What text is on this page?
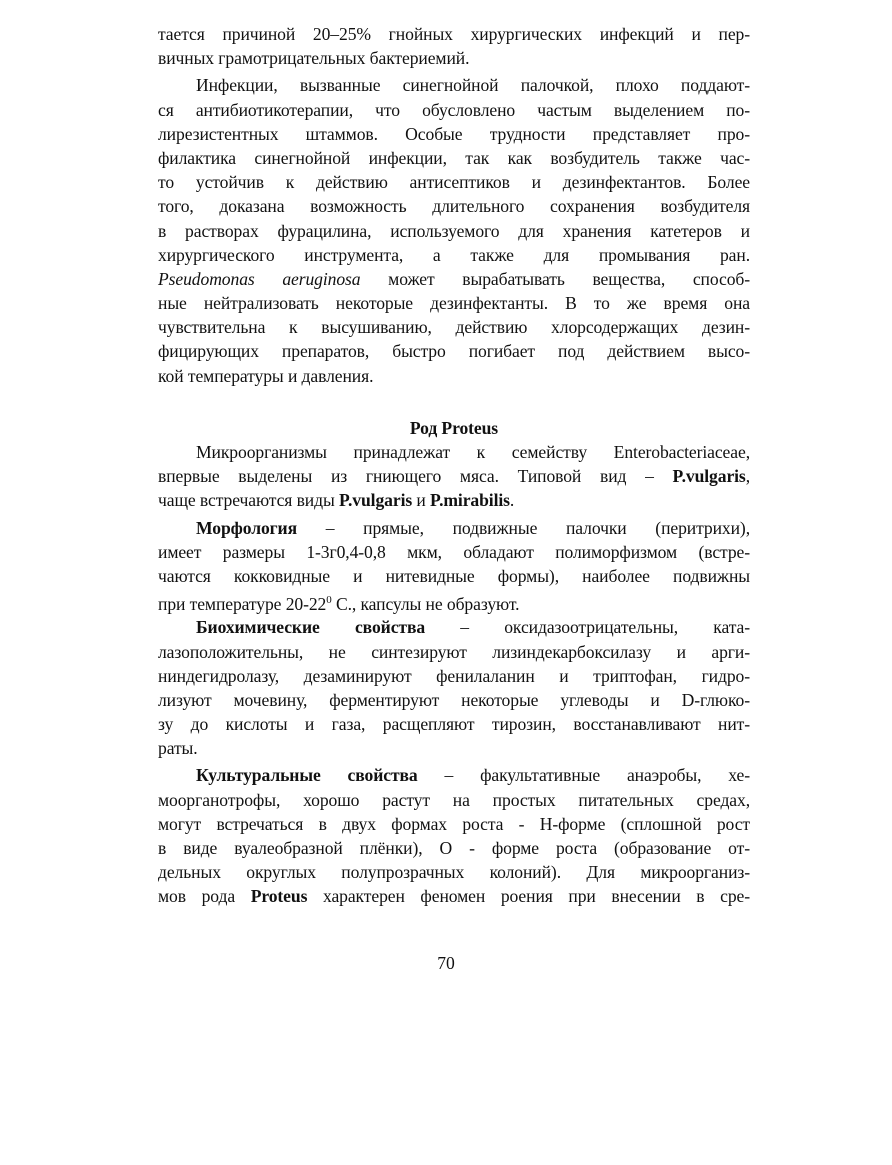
тается причиной 20–25% гнойных хирургических инфекций и пер-
вичных грамотрицательных бактериемий.
Инфекции, вызванные синегнойной палочкой, плохо поддают-
ся антибиотикотерапии, что обусловлено частым выделением по-
лирезистентных штаммов. Особые трудности представляет про-
филактика синегнойной инфекции, так как возбудитель также час-
то устойчив к действию антисептиков и дезинфектантов. Более
того, доказана возможность длительного сохранения возбудителя
в растворах фурацилина, используемого для хранения катетеров и
хирургического инструмента, а также для промывания ран.
Pseudomonas aeruginosa может вырабатывать вещества, способ-
ные нейтрализовать некоторые дезинфектанты. В то же время она
чувствительна к высушиванию, действию хлорсодержащих дезин-
фицирующих препаратов, быстро погибает под действием высо-
кой температуры и давления.
Род Proteus
Микроорганизмы принадлежат к семейству Enterobacteriaceae,
впервые выделены из гниющего мяса. Типовой вид – P.vulgaris,
чаще встречаются виды P.vulgaris и P.mirabilis.
Морфология – прямые, подвижные палочки (перитрихи),
имеет размеры 1-3г0,4-0,8 мкм, обладают полиморфизмом (встре-
чаются кокковидные и нитевидные формы), наиболее подвижны
при температуре $20-22^0$ С., капсулы не образуют.
Биохимические свойства – оксидазоотрицательны, ката-
лазоположительны, не синтезируют лизиндекарбоксилазу и арги-
ниндегидролазу, дезаминируют фенилаланин и триптофан, гидро-
лизуют мочевину, ферментируют некоторые углеводы и D-глюко-
зу до кислоты и газа, расщепляют тирозин, восстанавливают нит-
раты.
Культуральные свойства – факультативные анаэробы, хе-
моорганотрофы, хорошо растут на простых питательных средах,
могут встречаться в двух формах роста - Н-форме (сплошной рост
в виде вуалеобразной плёнки), О - форме роста (образование от-
дельных округлых полупрозрачных колоний). Для микроорганиз-
мов рода Proteus характерен феномен роения при внесении в сре-
70
